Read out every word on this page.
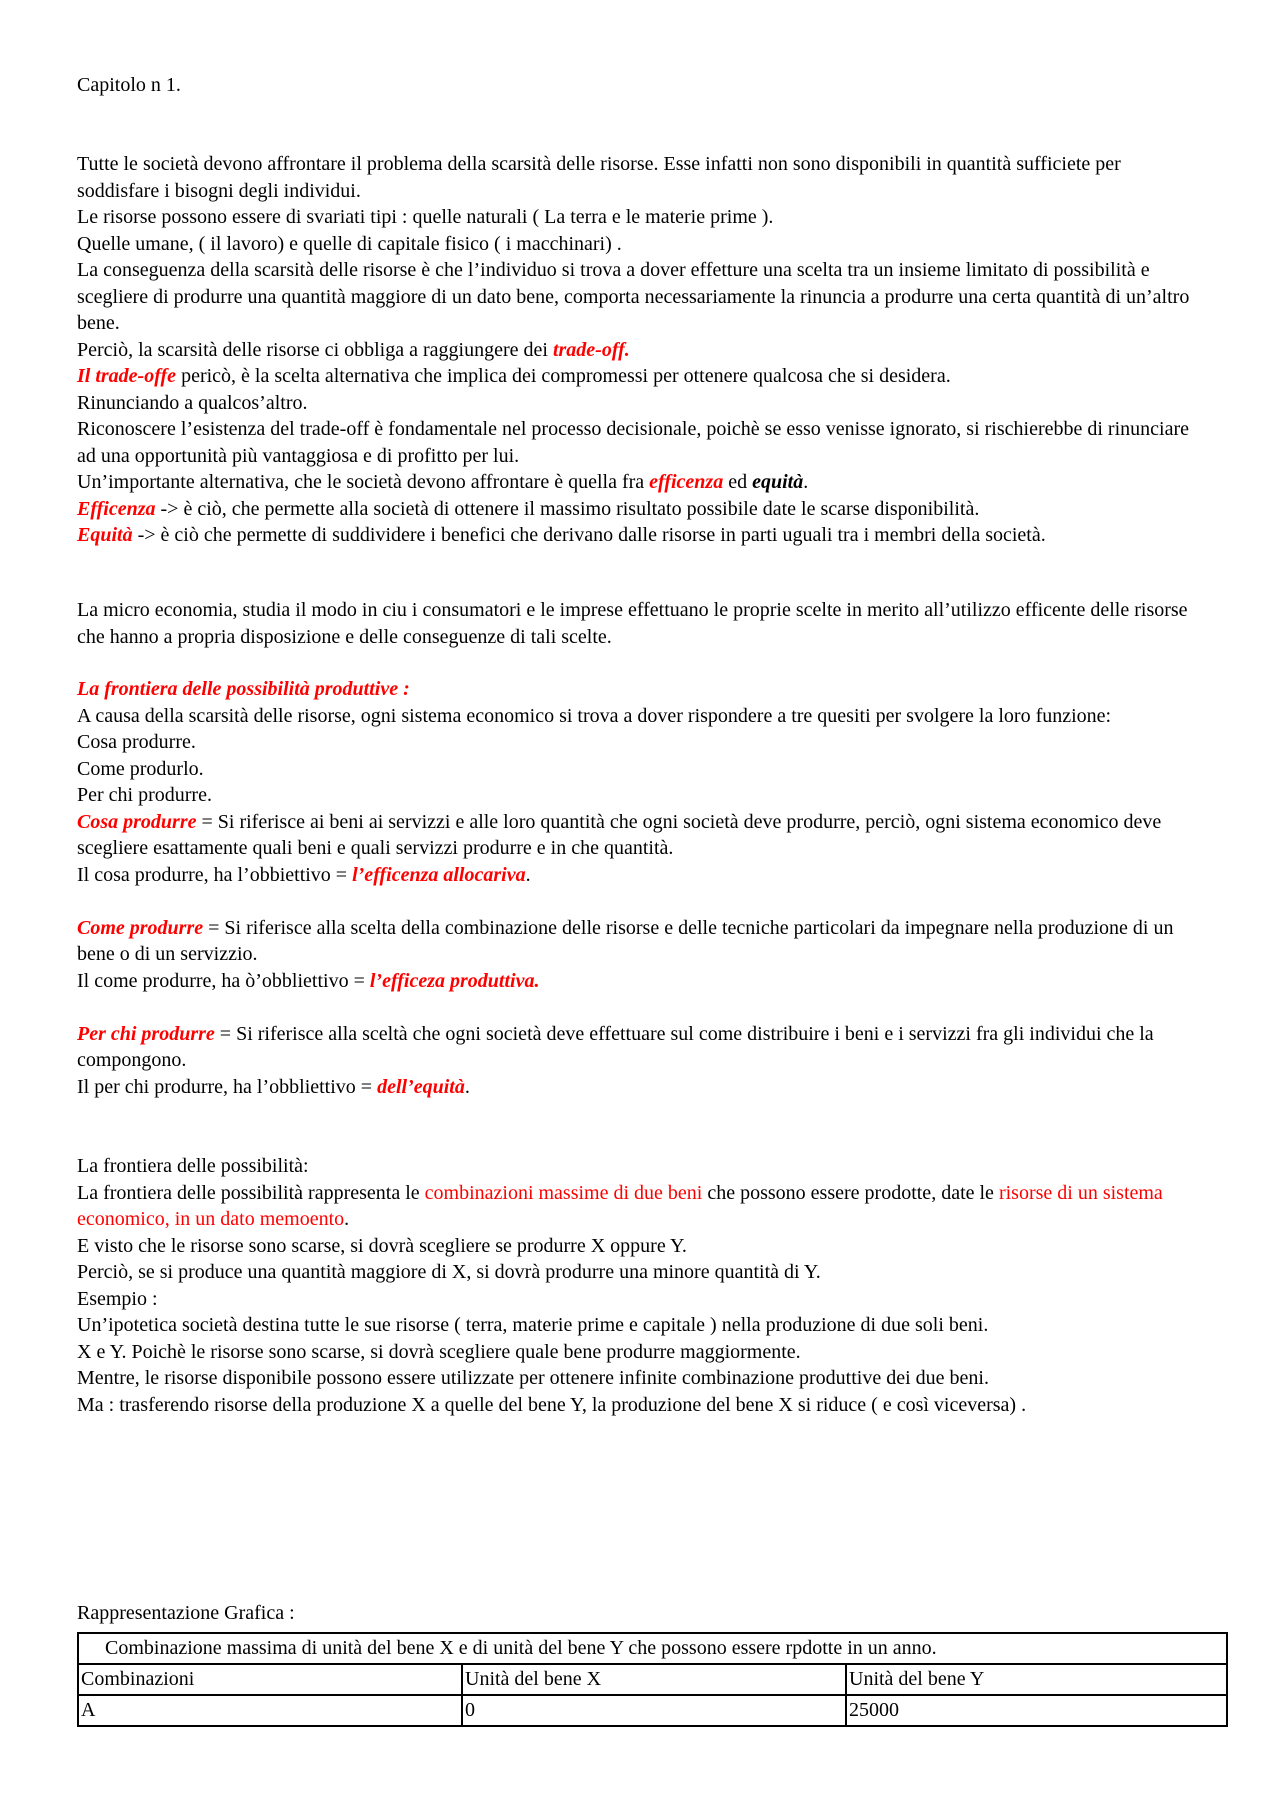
Capitolo n 1.

Tutte le società devono affrontare il problema della scarsità delle risorse. Esse infatti non sono disponibili in quantità sufficiete per soddisfare i bisogni degli individui.

Le risorse possono essere di svariati tipi : quelle naturali ( La terra e le materie prime ).

Quelle umane, ( il lavoro) e quelle di capitale fisico ( i macchinari) .

La conseguenza della scarsità delle risorse è che l’individuo si trova a dover effetture una scelta tra un insieme limitato di possibilità e scegliere di produrre una quantità maggiore di un dato bene, comporta necessariamente la rinuncia a produrre una certa quantità di un’altro bene.

Perciò, la scarsità delle risorse ci obbliga a raggiungere dei trade-off.

Il trade-offe pericò, è la scelta alternativa che implica dei compromessi per ottenere qualcosa che si desidera.

Rinunciando a qualcos’altro.

Riconoscere l’esistenza del trade-off è fondamentale nel processo decisionale, poichè se esso venisse ignorato, si rischierebbe di rinunciare ad una opportunità più vantaggiosa e di profitto per lui.

Un’importante alternativa, che le società devono affrontare è quella fra efficenza ed equità.

Efficenza -> è ciò, che permette alla società di ottenere il massimo risultato possibile date le scarse disponibilità.

Equità -> è ciò che permette di suddividere i benefici che derivano dalle risorse in parti uguali tra i membri della società.

La micro economia, studia il modo in ciu i consumatori e le imprese effettuano le proprie scelte in merito all’utilizzo efficente delle risorse che hanno a propria disposizione e delle conseguenze di tali scelte.

La frontiera delle possibilità produttive :

A causa della scarsità delle risorse, ogni sistema economico si trova a dover rispondere a tre quesiti per svolgere la loro funzione:

Cosa produrre.

Come produrlo.

Per chi produrre.

Cosa produrre = Si riferisce ai beni ai servizzi e alle loro quantità che ogni società deve produrre, perciò, ogni sistema economico deve scegliere esattamente quali beni e quali servizzi produrre e in che quantità.

Il cosa produrre, ha l’obbiettivo = l’efficenza allocariva.

Come produrre = Si riferisce alla scelta della combinazione delle risorse e delle tecniche particolari da impegnare nella produzione di un bene o di un servizzio.

Il come produrre, ha ò’obbliettivo = l’efficeza produttiva.

Per chi produrre = Si riferisce alla sceltà che ogni società deve effettuare sul come distribuire i beni e i servizzi fra gli individui che la compongono.

Il per chi produrre, ha l’obbliettivo = dell’equità.

La frontiera delle possibilità:

La frontiera delle possibilità rappresenta le combinazioni massime di due beni che possono essere prodotte, date le risorse di un sistema economico, in un dato memoento.

E visto che le risorse sono scarse, si dovrà scegliere se produrre X oppure Y.

Perciò, se si produce una quantità maggiore di X, si dovrà produrre una minore quantità di Y.

Esempio :

Un’ipotetica società destina tutte le sue risorse ( terra, materie prime e capitale ) nella produzione di due soli beni.

X e Y. Poichè le risorse sono scarse, si dovrà scegliere quale bene produrre maggiormente.

Mentre, le risorse disponibile possono essere utilizzate per ottenere infinite combinazione produttive dei due beni.

Ma : trasferendo risorse della produzione X a quelle del bene Y, la produzione del bene X si riduce ( e così viceversa) .

Rappresentazione Grafica :

Combinazione massima di unità del bene X e di unità del bene Y che possono essere rpdotte in un anno.		
Combinazioni	Unità del bene X	Unità del bene Y
A	0	25000
